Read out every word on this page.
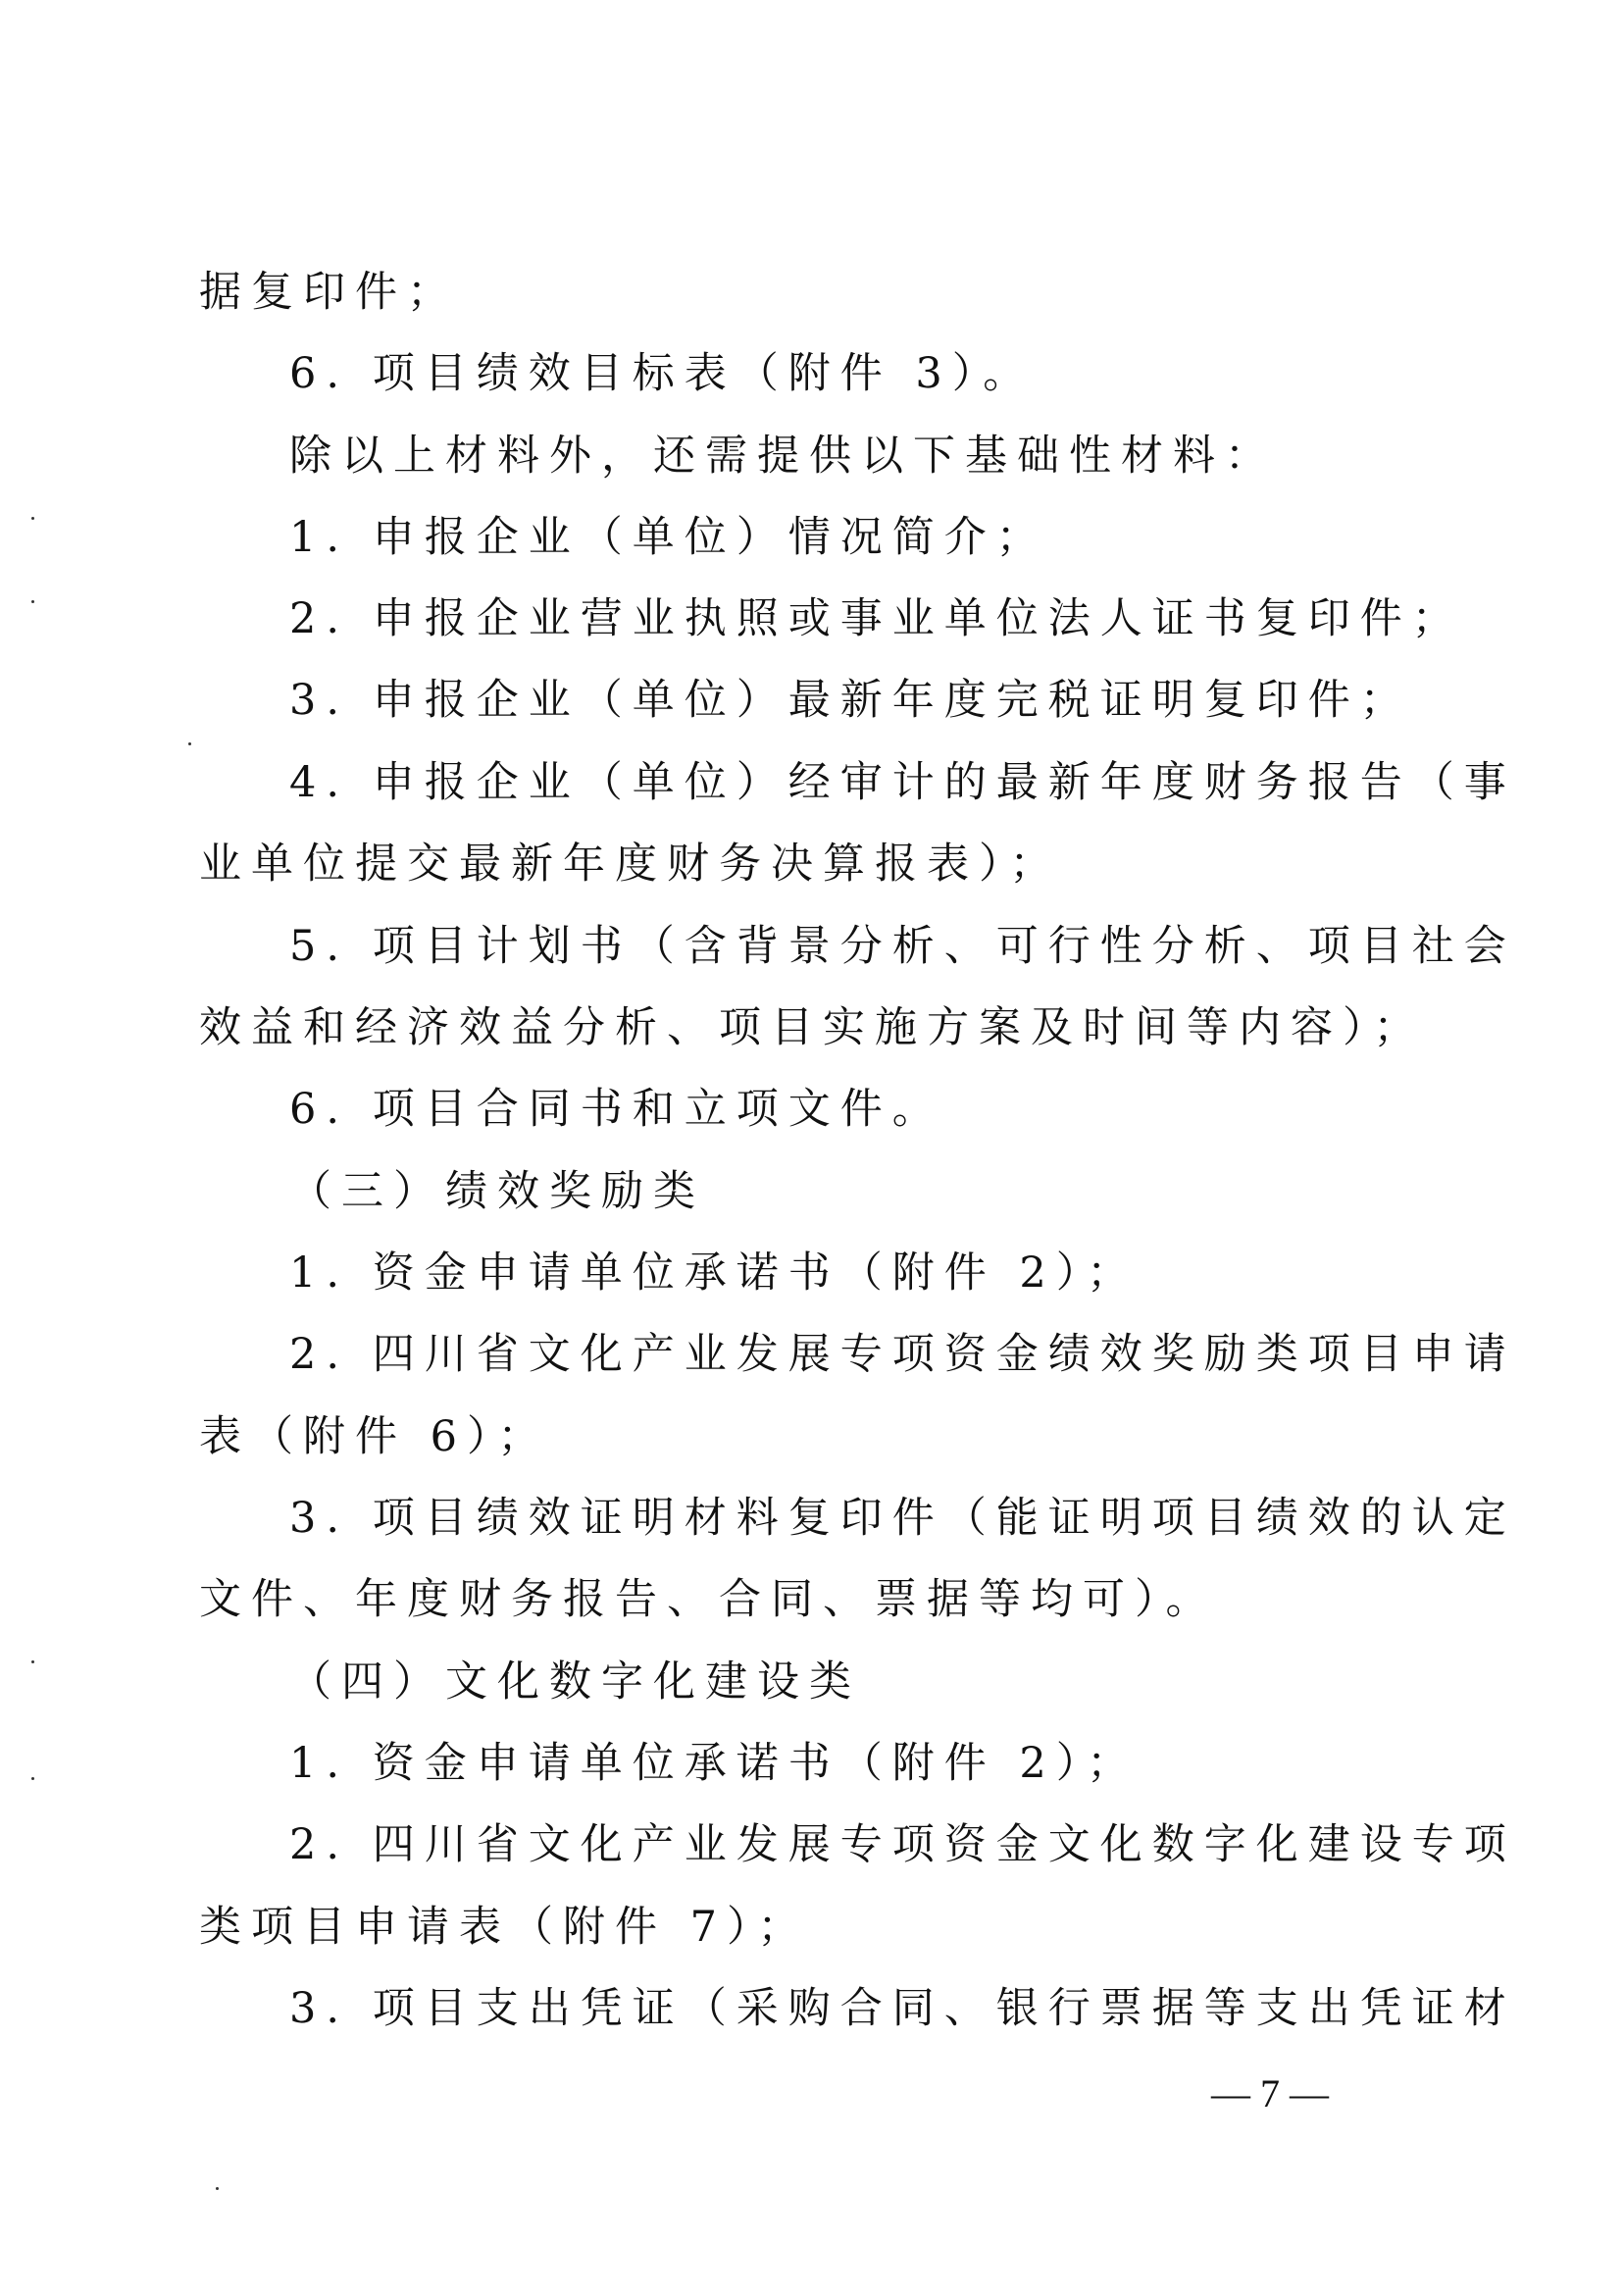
据复印件；
6. 项目绩效目标表（附件 3）。
除以上材料外，还需提供以下基础性材料：
1. 申报企业（单位）情况简介；
2. 申报企业营业执照或事业单位法人证书复印件；
3. 申报企业（单位）最新年度完税证明复印件；
4. 申报企业（单位）经审计的最新年度财务报告（事
业单位提交最新年度财务决算报表）；
5. 项目计划书（含背景分析、可行性分析、项目社会
效益和经济效益分析、项目实施方案及时间等内容）；
6. 项目合同书和立项文件。
（三）绩效奖励类
1. 资金申请单位承诺书（附件 2）；
2. 四川省文化产业发展专项资金绩效奖励类项目申请
表（附件 6）；
3. 项目绩效证明材料复印件（能证明项目绩效的认定
文件、年度财务报告、合同、票据等均可）。
（四）文化数字化建设类
1. 资金申请单位承诺书（附件 2）；
2. 四川省文化产业发展专项资金文化数字化建设专项
类项目申请表（附件 7）；
3. 项目支出凭证（采购合同、银行票据等支出凭证材
— 7 —
